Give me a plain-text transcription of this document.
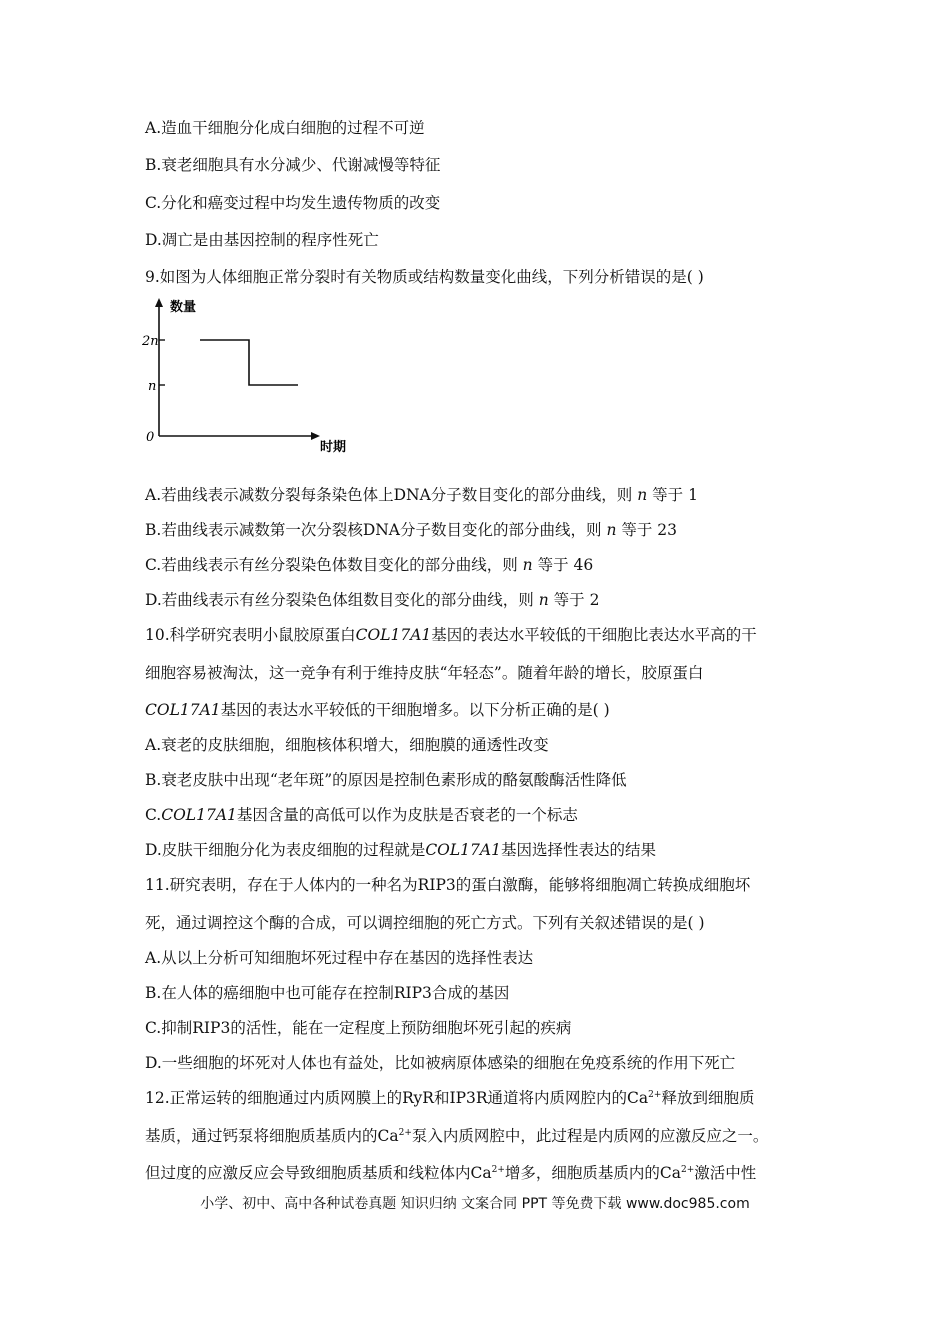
A.造血干细胞分化成白细胞的过程不可逆
B.衰老细胞具有水分减少、代谢减慢等特征
C.分化和癌变过程中均发生遗传物质的改变
D.凋亡是由基因控制的程序性死亡
9.如图为人体细胞正常分裂时有关物质或结构数量变化曲线，下列分析错误的是( )
数量
时期
0
2n
n
A.若曲线表示减数分裂每条染色体上DNA分子数目变化的部分曲线，则 n 等于 1
B.若曲线表示减数第一次分裂核DNA分子数目变化的部分曲线，则 n 等于 23
C.若曲线表示有丝分裂染色体数目变化的部分曲线，则 n 等于 46
D.若曲线表示有丝分裂染色体组数目变化的部分曲线，则 n 等于 2
10.科学研究表明小鼠胶原蛋白COL17A1基因的表达水平较低的干细胞比表达水平高的干
细胞容易被淘汰，这一竞争有利于维持皮肤“年轻态”。随着年龄的增长，胶原蛋白
COL17A1基因的表达水平较低的干细胞增多。以下分析正确的是( )
A.衰老的皮肤细胞，细胞核体积增大，细胞膜的通透性改变
B.衰老皮肤中出现“老年斑”的原因是控制色素形成的酪氨酸酶活性降低
C.COL17A1基因含量的高低可以作为皮肤是否衰老的一个标志
D.皮肤干细胞分化为表皮细胞的过程就是COL17A1基因选择性表达的结果
11.研究表明，存在于人体内的一种名为RIP3的蛋白激酶，能够将细胞凋亡转换成细胞坏
死，通过调控这个酶的合成，可以调控细胞的死亡方式。下列有关叙述错误的是( )
A.从以上分析可知细胞坏死过程中存在基因的选择性表达
B.在人体的癌细胞中也可能存在控制RIP3合成的基因
C.抑制RIP3的活性，能在一定程度上预防细胞坏死引起的疾病
D.一些细胞的坏死对人体也有益处，比如被病原体感染的细胞在免疫系统的作用下死亡
12.正常运转的细胞通过内质网膜上的RyR和IP3R通道将内质网腔内的$Ca^{2+}$释放到细胞质
基质，通过钙泵将细胞质基质内的$Ca^{2+}$泵入内质网腔中，此过程是内质网的应激反应之一。
但过度的应激反应会导致细胞质基质和线粒体内$Ca^{2+}$增多，细胞质基质内的$Ca^{2+}$激活中性
小学、初中、高中各种试卷真题 知识归纳 文案合同 PPT 等免费下载 www.doc985.com
